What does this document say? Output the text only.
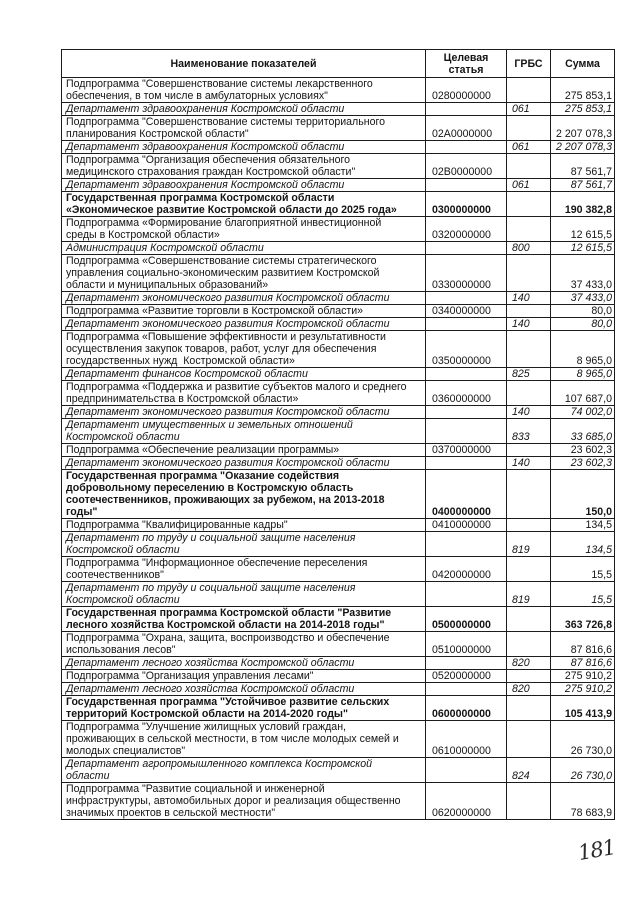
Наименование показателей	Целевая
статья	ГРБС	Сумма
Подпрограмма "Совершенствование системы лекарственного
обеспечения, в том числе в амбулаторных условиях"	0280000000		275 853,1
Департамент здравоохранения Костромской области		061	275 853,1
Подпрограмма "Совершенствование системы территориального
планирования Костромской области"	02А0000000		2 207 078,3
Департамент здравоохранения Костромской области		061	2 207 078,3
Подпрограмма "Организация обеспечения обязательного
медицинского страхования граждан Костромской области"	02В0000000		87 561,7
Департамент здравоохранения Костромской области		061	87 561,7
Государственная программа Костромской области
«Экономическое развитие Костромской области до 2025 года»	0300000000		190 382,8
Подпрограмма «Формирование благоприятной инвестиционной
среды в Костромской области»	0320000000		12 615,5
Администрация Костромской области		800	12 615,5
Подпрограмма «Совершенствование системы стратегического
управления социально-экономическим развитием Костромской
области и муниципальных образований»	0330000000		37 433,0
Департамент экономического развития Костромской области		140	37 433,0
Подпрограмма «Развитие торговли в Костромской области»	0340000000		80,0
Департамент экономического развития Костромской области		140	80,0
Подпрограмма «Повышение эффективности и результативности
осуществления закупок товаров, работ, услуг для обеспечения
государственных нужд  Костромской области»	0350000000		8 965,0
Департамент финансов Костромской области		825	8 965,0
Подпрограмма «Поддержка и развитие субъектов малого и среднего
предпринимательства в Костромской области»	0360000000		107 687,0
Департамент экономического развития Костромской области		140	74 002,0
Департамент имущественных и земельных отношений
Костромской области		833	33 685,0
Подпрограмма «Обеспечение реализации программы»	0370000000		23 602,3
Департамент экономического развития Костромской области		140	23 602,3
Государственная программа "Оказание содействия
добровольному переселению в Костромскую область
соотечественников, проживающих за рубежом, на 2013-2018
годы"	0400000000		150,0
Подпрограмма "Квалифицированные кадры"	0410000000		134,5
Департамент по труду и социальной защите населения
Костромской области		819	134,5
Подпрограмма "Информационное обеспечение переселения
соотечественников"	0420000000		15,5
Департамент по труду и социальной защите населения
Костромской области		819	15,5
Государственная программа Костромской области "Развитие
лесного хозяйства Костромской области на 2014-2018 годы"	0500000000		363 726,8
Подпрограмма "Охрана, защита, воспроизводство и обеспечение
использования лесов"	0510000000		87 816,6
Департамент лесного хозяйства Костромской области		820	87 816,6
Подпрограмма "Организация управления лесами"	0520000000		275 910,2
Департамент лесного хозяйства Костромской области		820	275 910,2
Государственная программа "Устойчивое развитие сельских
территорий Костромской области на 2014-2020 годы"	0600000000		105 413,9
Подпрограмма "Улучшение жилищных условий граждан,
проживающих в сельской местности, в том числе молодых семей и
молодых специалистов"	0610000000		26 730,0
Департамент агропромышленного комплекса Костромской
области		824	26 730,0
Подпрограмма "Развитие социальной и инженерной
инфраструктуры, автомобильных дорог и реализация общественно
значимых проектов в сельской местности"	0620000000		78 683,9
181
